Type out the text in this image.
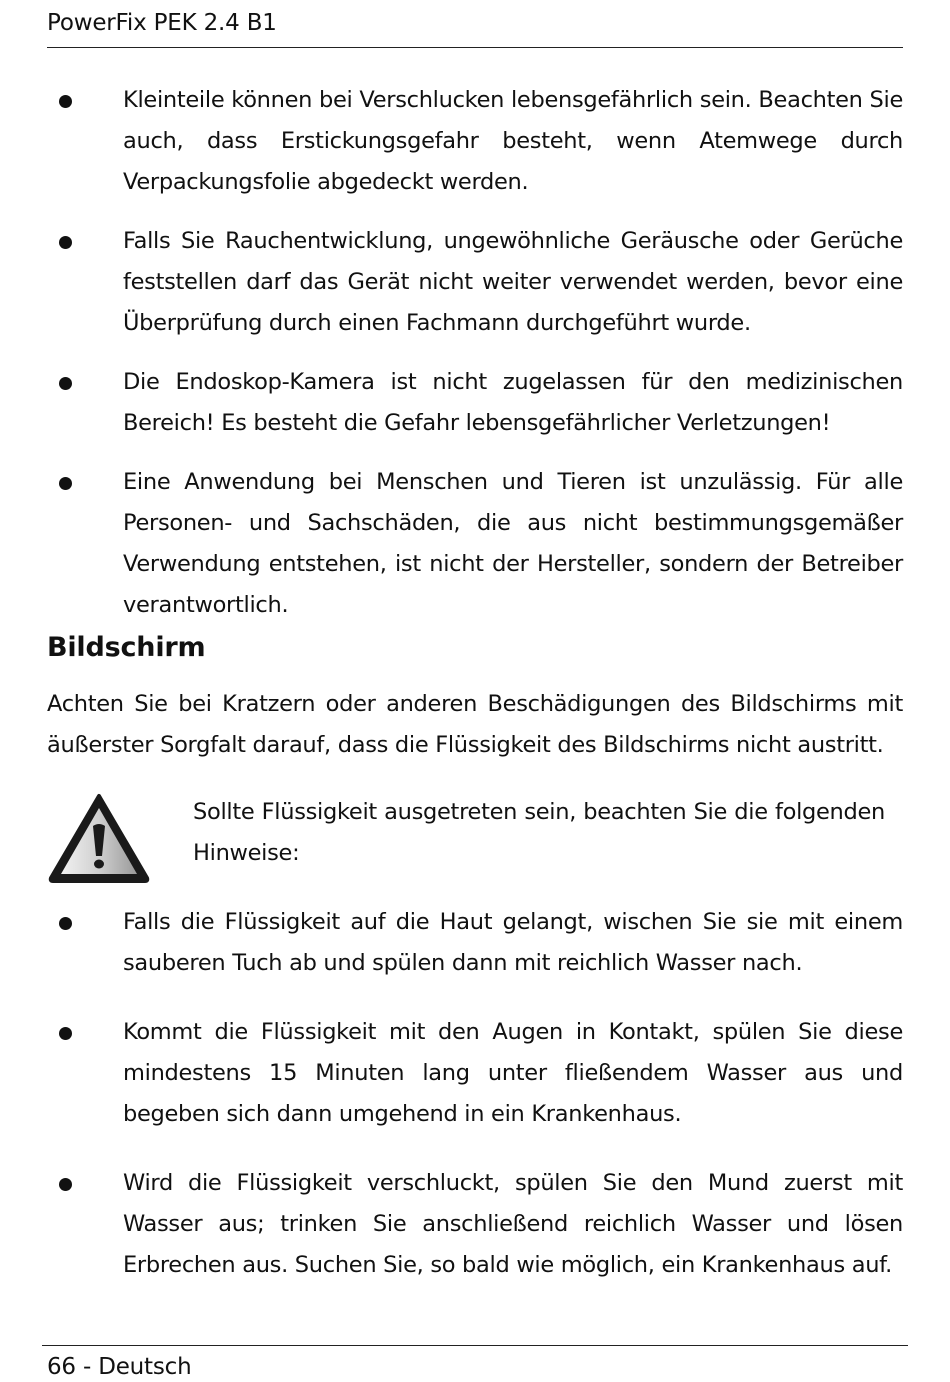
PowerFix PEK 2.4 B1
Kleinteile können bei Verschlucken lebensgefährlich sein. Beachten Sie auch, dass Erstickungsgefahr besteht, wenn Atemwege durch Verpackungsfolie abgedeckt werden.
Falls Sie Rauchentwicklung, ungewöhnliche Geräusche oder Gerüche feststellen darf das Gerät nicht weiter verwendet werden, bevor eine Überprüfung durch einen Fachmann durchgeführt wurde.
Die Endoskop-Kamera ist nicht zugelassen für den medizinischen Bereich! Es besteht die Gefahr lebensgefährlicher Verletzungen!
Eine Anwendung bei Menschen und Tieren ist unzulässig. Für alle Personen- und Sachschäden, die aus nicht bestimmungsgemäßer Verwendung entstehen, ist nicht der Hersteller, sondern der Betreiber verantwortlich.
Bildschirm
Achten Sie bei Kratzern oder anderen Beschädigungen des Bildschirms mit äußerster Sorgfalt darauf, dass die Flüssigkeit des Bildschirms nicht austritt.
Sollte Flüssigkeit ausgetreten sein, beachten Sie die folgenden Hinweise:
Falls die Flüssigkeit auf die Haut gelangt, wischen Sie sie mit einem sauberen Tuch ab und spülen dann mit reichlich Wasser nach.
Kommt die Flüssigkeit mit den Augen in Kontakt, spülen Sie diese mindestens 15 Minuten lang unter fließendem Wasser aus und begeben sich dann umgehend in ein Krankenhaus.
Wird die Flüssigkeit verschluckt, spülen Sie den Mund zuerst mit Wasser aus; trinken Sie anschließend reichlich Wasser und lösen Erbrechen aus. Suchen Sie, so bald wie möglich, ein Krankenhaus auf.
66 - Deutsch
